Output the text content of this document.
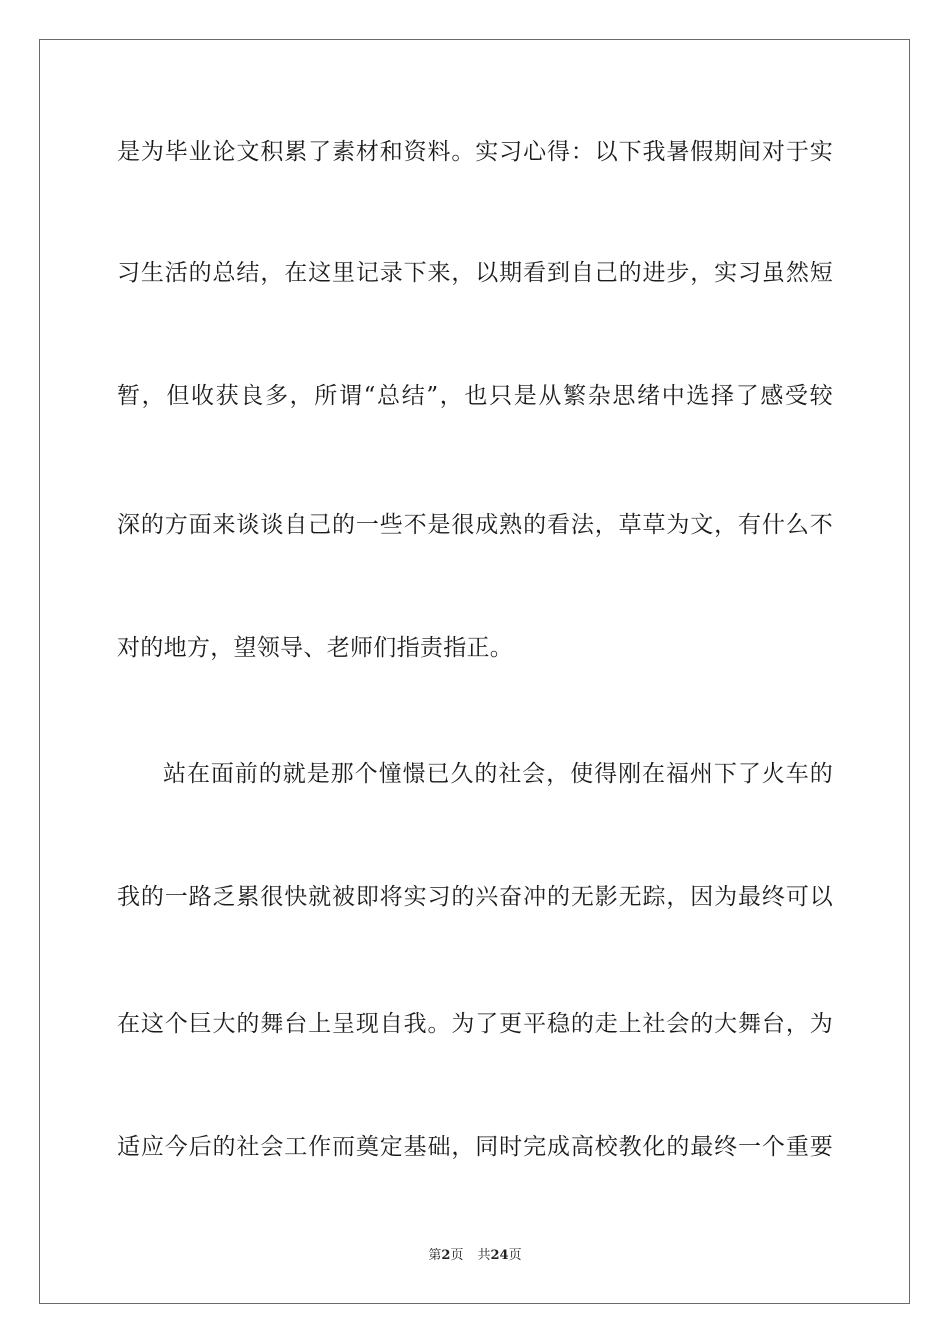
是为毕业论文积累了素材和资料。实习心得：以下我暑假期间对于实
习生活的总结，在这里记录下来，以期看到自己的进步，实习虽然短
暂，但收获良多，所谓“总结”，也只是从繁杂思绪中选择了感受较
深的方面来谈谈自己的一些不是很成熟的看法，草草为文，有什么不
对的地方，望领导、老师们指责指正。
站在面前的就是那个憧憬已久的社会，使得刚在福州下了火车的
我的一路乏累很快就被即将实习的兴奋冲的无影无踪，因为最终可以
在这个巨大的舞台上呈现自我。为了更平稳的走上社会的大舞台，为
适应今后的社会工作而奠定基础，同时完成高校教化的最终一个重要
第2页 共24页
